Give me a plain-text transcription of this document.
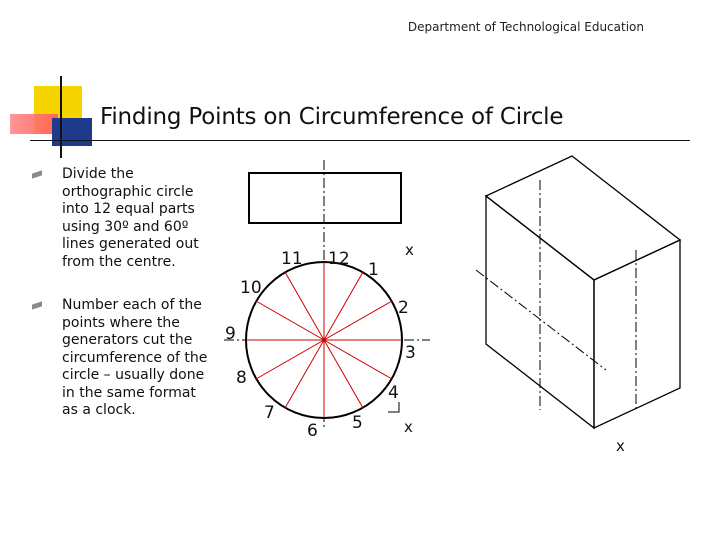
Department of Technological Education
Finding Points on Circumference of Circle
Divide the orthographic circle into 12 equal parts using 30º and 60º lines generated out from the centre.
Number each of the points where the generators cut the circumference of the circle – usually done in the same format as a clock.
1
2
3
4
5
6
7
8
9
10
11 12	x
x
x
